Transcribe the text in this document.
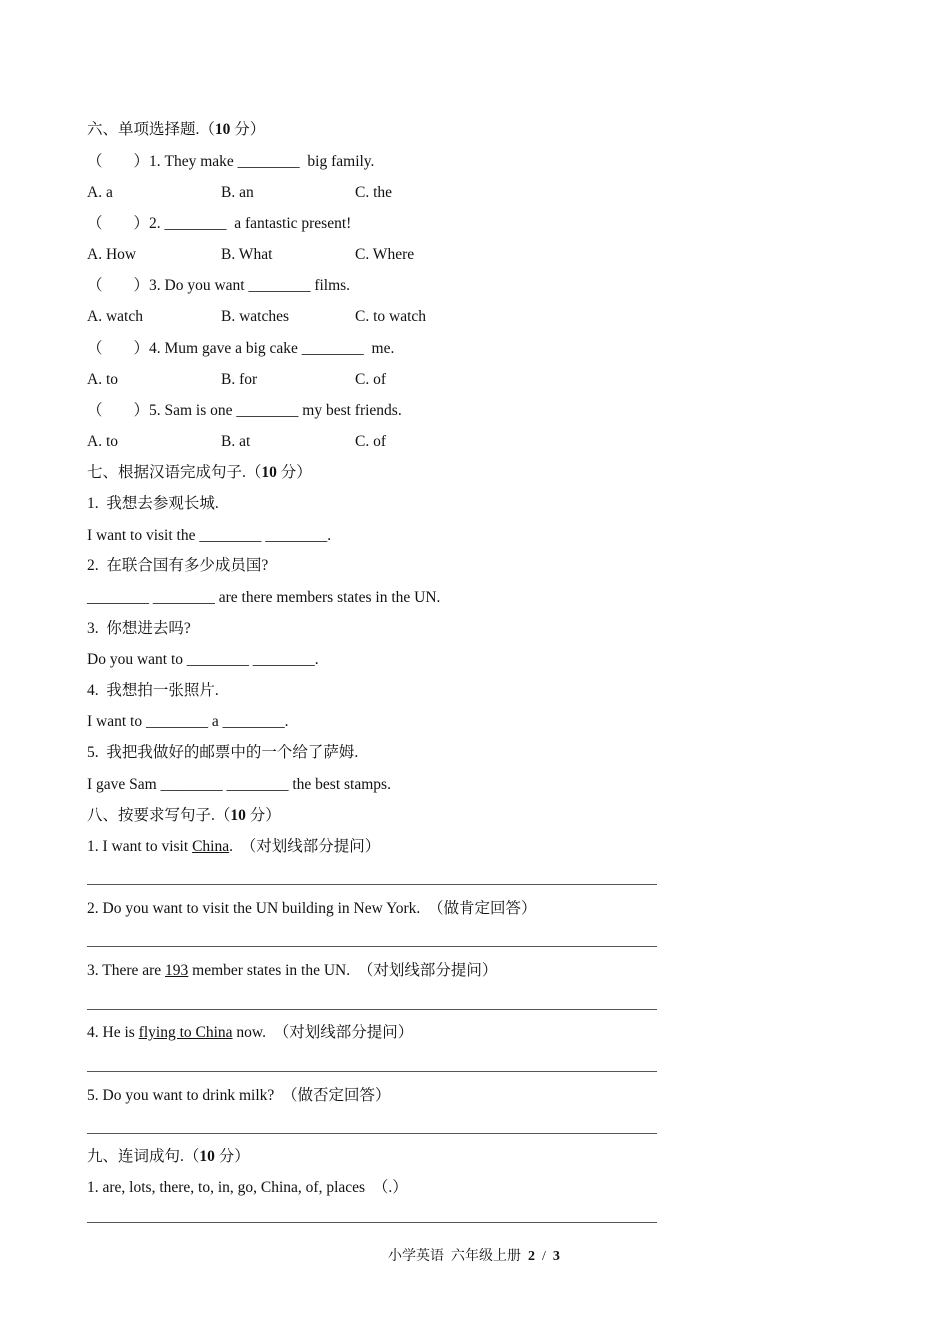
六、单项选择题.（10 分）
（        ）1. They make ________  big family.
A. a	B. an	C. the
（        ）2. ________  a fantastic present!
A. How	B. What	C. Where
（        ）3. Do you want ________ films.
A. watch	B. watches	C. to watch
（        ）4. Mum gave a big cake ________  me.
A. to	B. for	C. of
（        ）5. Sam is one ________ my best friends.
A. to	B. at	C. of
七、根据汉语完成句子.（10 分）
1.  我想去参观长城.
I want to visit the ________ ________.
2.  在联合国有多少成员国?
________ ________ are there members states in the UN.
3.  你想进去吗?
Do you want to ________ ________.
4.  我想拍一张照片.
I want to ________ a ________.
5.  我把我做好的邮票中的一个给了萨姆.
I gave Sam ________ ________ the best stamps.
八、按要求写句子.（10 分）
1. I want to visit China.  （对划线部分提问）
2. Do you want to visit the UN building in New York.  （做肯定回答）
3. There are 193 member states in the UN.  （对划线部分提问）
4. He is flying to China now.  （对划线部分提问）
5. Do you want to drink milk?  （做否定回答）
九、连词成句.（10 分）
1. are, lots, there, to, in, go, China, of, places  （.）
小学英语  六年级上册  2  /  3
